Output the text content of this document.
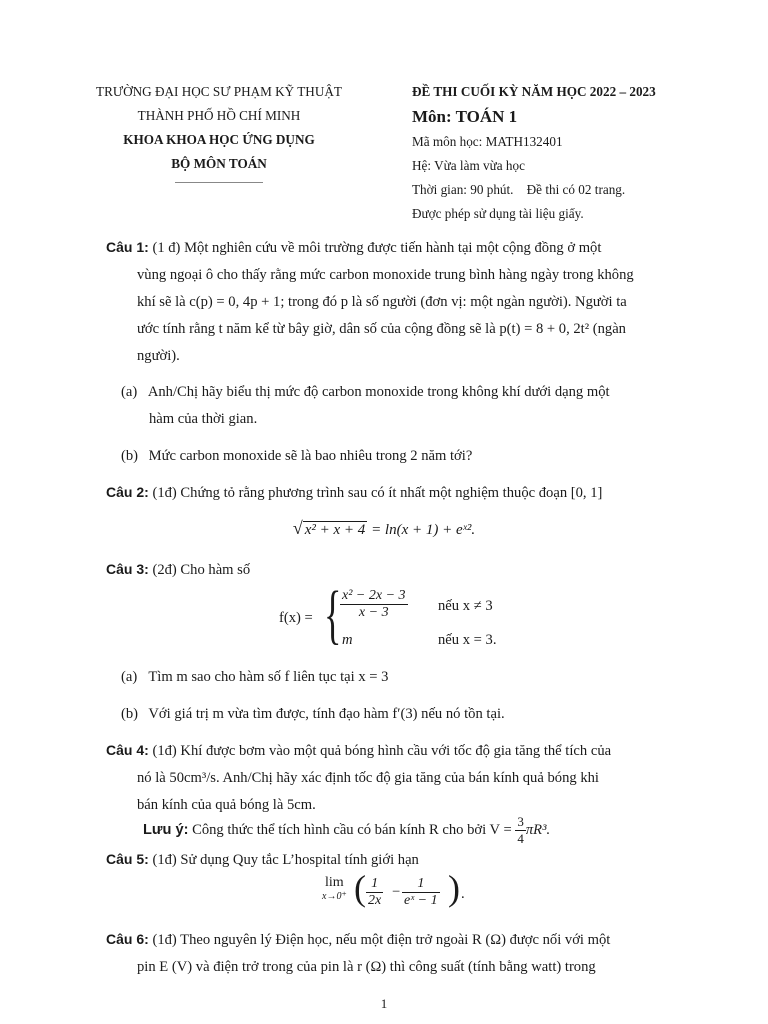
TRƯỜNG ĐẠI HỌC SƯ PHẠM KỸ THUẬT
THÀNH PHỐ HỒ CHÍ MINH
KHOA KHOA HỌC ỨNG DỤNG
BỘ MÔN TOÁN
ĐỀ THI CUỐI KỲ NĂM HỌC 2022 – 2023
Môn: TOÁN 1
Mã môn học: MATH132401
Hệ: Vừa làm vừa học
Thời gian: 90 phút.    Đề thi có 02 trang.
Được phép sử dụng tài liệu giấy.
Câu 1: (1 đ) Một nghiên cứu về môi trường được tiến hành tại một cộng đồng ở một
vùng ngoại ô cho thấy rằng mức carbon monoxide trung bình hàng ngày trong không
khí sẽ là c(p) = 0, 4p + 1; trong đó p là số người (đơn vị: một ngàn người). Người ta
ước tính rằng t năm kể từ bây giờ, dân số của cộng đồng sẽ là p(t) = 8 + 0, 2t² (ngàn
người).
(a) Anh/Chị hãy biểu thị mức độ carbon monoxide trong không khí dưới dạng một
hàm của thời gian.
(b) Mức carbon monoxide sẽ là bao nhiêu trong 2 năm tới?
Câu 2: (1đ) Chứng tỏ rằng phương trình sau có ít nhất một nghiệm thuộc đoạn [0, 1]
√ x² + x + 4 = ln(x + 1) + eˣ².
Câu 3: (2đ) Cho hàm số
f(x) = {
$\frac{\text{x² − 2x − 3}}{x - 3}$ nếu x ≠ 3
m	nếu x = 3.
(a) Tìm m sao cho hàm số f liên tục tại x = 3
(b) Với giá trị m vừa tìm được, tính đạo hàm f′(3) nếu nó tồn tại.
Câu 4: (1đ) Khí được bơm vào một quả bóng hình cầu với tốc độ gia tăng thể tích của
nó là 50cm³/s. Anh/Chị hãy xác định tốc độ gia tăng của bán kính quả bóng khi
bán kính của quả bóng là 5cm.
Lưu ý: Công thức thể tích hình cầu có bán kính R cho bởi $V = \frac{3}{4} \pi R^3$.
Câu 5: (1đ) Sử dụng Quy tắc L’hospital tính giới hạn
lim
x→0⁺ ( $\frac{1}{2x} - \frac{1}{\text{eˣ − 1}}$ ) .
Câu 6: (1đ) Theo nguyên lý Điện học, nếu một điện trở ngoài R (Ω) được nối với một
pin E (V) và điện trở trong của pin là r (Ω) thì công suất (tính bằng watt) trong
1
